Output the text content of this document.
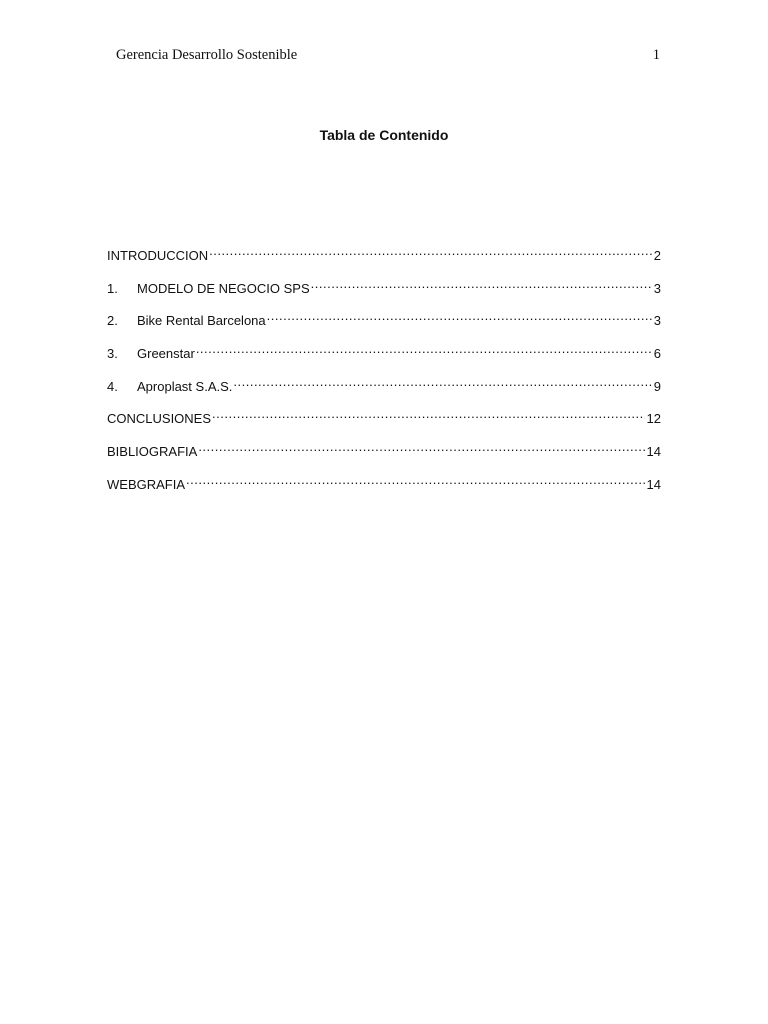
Gerencia Desarrollo Sostenible	1
Tabla de Contenido
INTRODUCCION .....	2
1.	MODELO DE NEGOCIO SPS .....	3
2.	Bike Rental Barcelona .....	3
3.	Greenstar .....	6
4.	Aproplast S.A.S. .....	9
CONCLUSIONES .....	12
BIBLIOGRAFIA .....	14
WEBGRAFIA .....	14
